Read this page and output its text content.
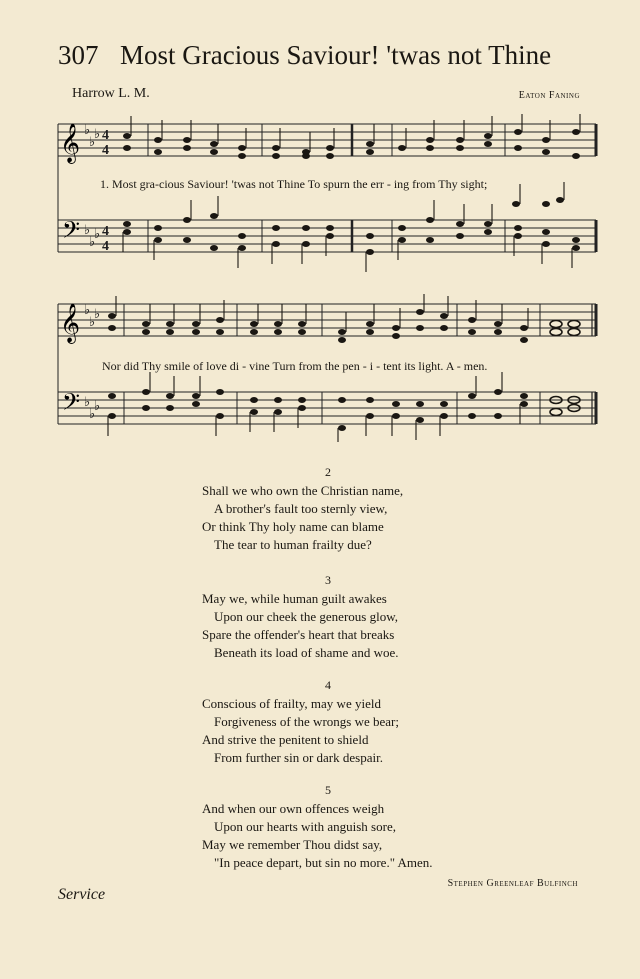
307 Most Gracious Saviour! 'twas not Thine
Harrow L. M.	Eaton Faning
𝄞
𝄢
♭
♭
♭
♭
♭
♭
4
4
4
4
1. Most gra-cious Saviour! 'twas not Thine To spurn the err - ing from Thy sight;
𝄞
𝄢
♭
♭
♭
♭
♭
♭
Nor did Thy smile of love di - vine Turn from the pen - i - tent its light. A - men.
2
Shall we who own the Christian name,
A brother's fault too sternly view,
Or think Thy holy name can blame
The tear to human frailty due?
3
May we, while human guilt awakes
Upon our cheek the generous glow,
Spare the offender's heart that breaks
Beneath its load of shame and woe.
4
Conscious of frailty, may we yield
Forgiveness of the wrongs we bear;
And strive the penitent to shield
From further sin or dark despair.
5
And when our own offences weigh
Upon our hearts with anguish sore,
May we remember Thou didst say,
"In peace depart, but sin no more." Amen.
Stephen Greenleaf Bulfinch
Service
